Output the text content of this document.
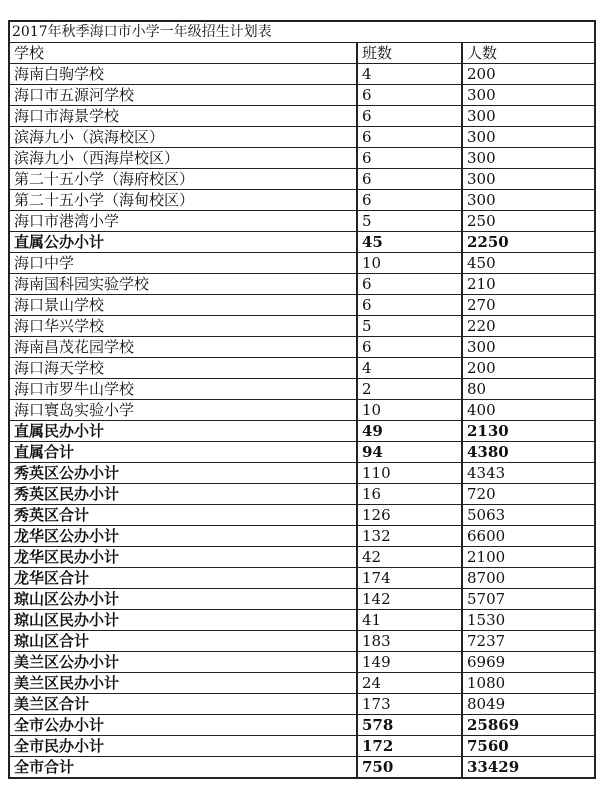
2017年秋季海口市小学一年级招生计划表		
学校	班数	人数
海南白驹学校	4	200
海口市五源河学校	6	300
海口市海景学校	6	300
滨海九小（滨海校区）	6	300
滨海九小（西海岸校区）	6	300
第二十五小学（海府校区）	6	300
第二十五小学（海甸校区）	6	300
海口市港湾小学	5	250
直属公办小计	45	2250
海口中学	10	450
海南国科园实验学校	6	210
海口景山学校	6	270
海口华兴学校	5	220
海南昌茂花园学校	6	300
海口海天学校	4	200
海口市罗牛山学校	2	80
海口寰岛实验小学	10	400
直属民办小计	49	2130
直属合计	94	4380
秀英区公办小计	110	4343
秀英区民办小计	16	720
秀英区合计	126	5063
龙华区公办小计	132	6600
龙华区民办小计	42	2100
龙华区合计	174	8700
琼山区公办小计	142	5707
琼山区民办小计	41	1530
琼山区合计	183	7237
美兰区公办小计	149	6969
美兰区民办小计	24	1080
美兰区合计	173	8049
全市公办小计	578	25869
全市民办小计	172	7560
全市合计	750	33429
